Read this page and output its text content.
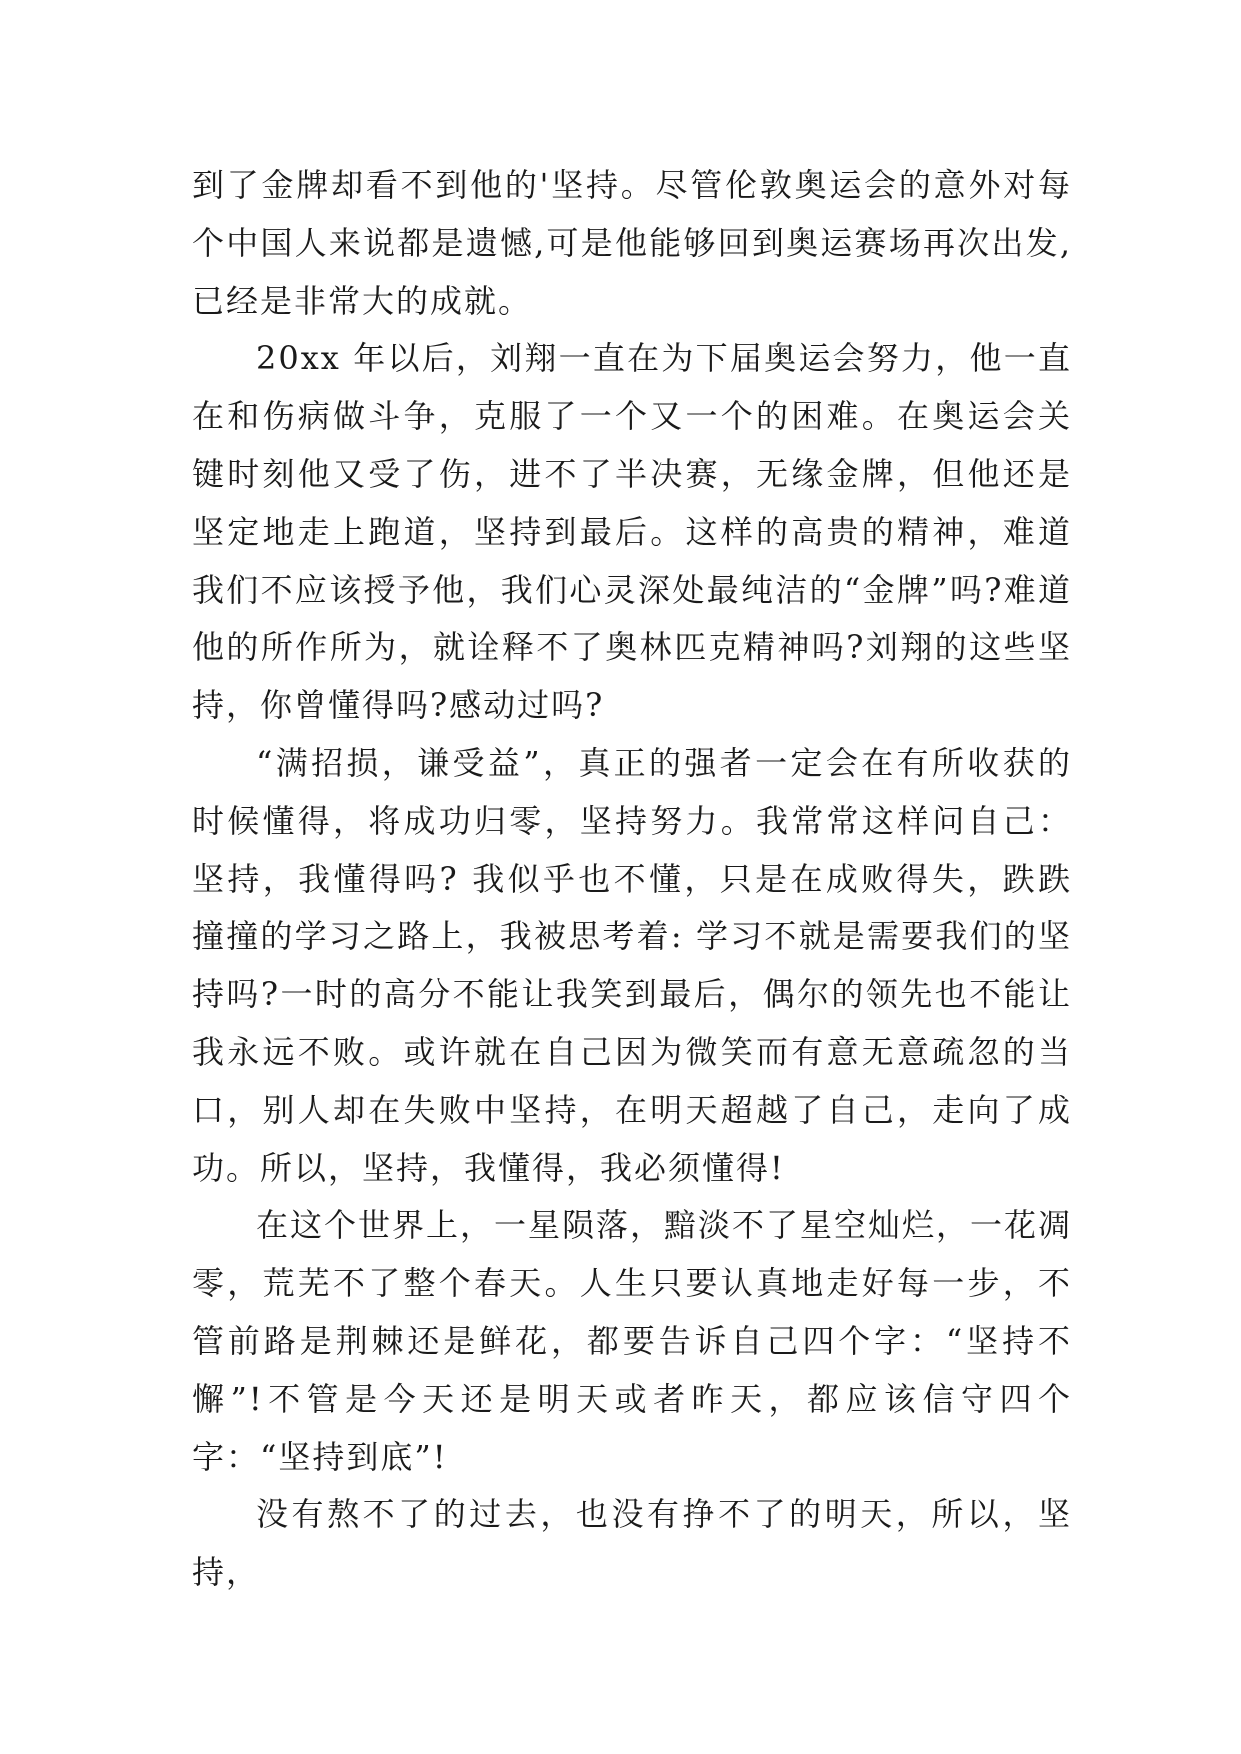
到了金牌却看不到他的'坚持。尽管伦敦奥运会的意外对每个中国人来说都是遗憾,可是他能够回到奥运赛场再次出发,已经是非常大的成就。

20xx 年以后，刘翔一直在为下届奥运会努力，他一直在和伤病做斗争，克服了一个又一个的困难。在奥运会关键时刻他又受了伤，进不了半决赛，无缘金牌，但他还是坚定地走上跑道，坚持到最后。这样的高贵的精神，难道我们不应该授予他，我们心灵深处最纯洁的“金牌”吗?难道他的所作所为，就诠释不了奥林匹克精神吗?刘翔的这些坚持，你曾懂得吗?感动过吗?

“满招损，谦受益”，真正的强者一定会在有所收获的时候懂得，将成功归零，坚持努力。我常常这样问自己：坚持，我懂得吗? 我似乎也不懂，只是在成败得失，跌跌撞撞的学习之路上，我被思考着: 学习不就是需要我们的坚持吗?一时的高分不能让我笑到最后，偶尔的领先也不能让我永远不败。或许就在自己因为微笑而有意无意疏忽的当口，别人却在失败中坚持，在明天超越了自己，走向了成功。所以，坚持，我懂得，我必须懂得!

在这个世界上，一星陨落，黯淡不了星空灿烂，一花凋零，荒芜不了整个春天。人生只要认真地走好每一步，不管前路是荆棘还是鲜花，都要告诉自己四个字：“坚持不懈”!不管是今天还是明天或者昨天，都应该信守四个字：“坚持到底”!

没有熬不了的过去，也没有挣不了的明天，所以，坚持，
